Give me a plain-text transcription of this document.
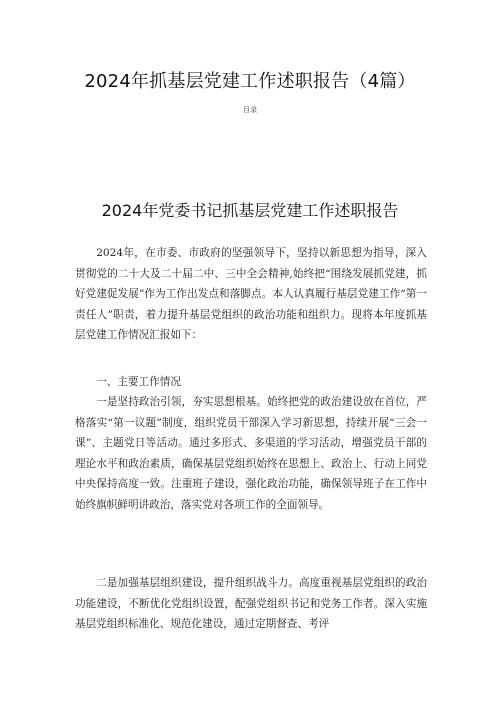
2024年抓基层党建工作述职报告（4篇）
目录
2024年党委书记抓基层党建工作述职报告

2024年，在市委、市政府的坚强领导下，坚持以新思想为指导，深入贯彻党的二十大及二十届二中、三中全会精神,始终把“围绕发展抓党建，抓好党建促发展”作为工作出发点和落脚点。本人认真履行基层党建工作“第一责任人”职责，着力提升基层党组织的政治功能和组织力。现将本年度抓基层党建工作情况汇报如下：

一、主要工作情况

一是坚持政治引领，夯实思想根基。始终把党的政治建设放在首位，严格落实“第一议题”制度，组织党员干部深入学习新思想，持续开展“三会一课”、主题党日等活动。通过多形式、多渠道的学习活动，增强党员干部的理论水平和政治素质，确保基层党组织始终在思想上、政治上、行动上同党中央保持高度一致。注重班子建设，强化政治功能，确保领导班子在工作中始终旗帜鲜明讲政治，落实党对各项工作的全面领导。

二是加强基层组织建设，提升组织战斗力。高度重视基层党组织的政治功能建设，不断优化党组织设置，配强党组织书记和党务工作者。深入实施基层党组织标准化、规范化建设，通过定期督查、考评
